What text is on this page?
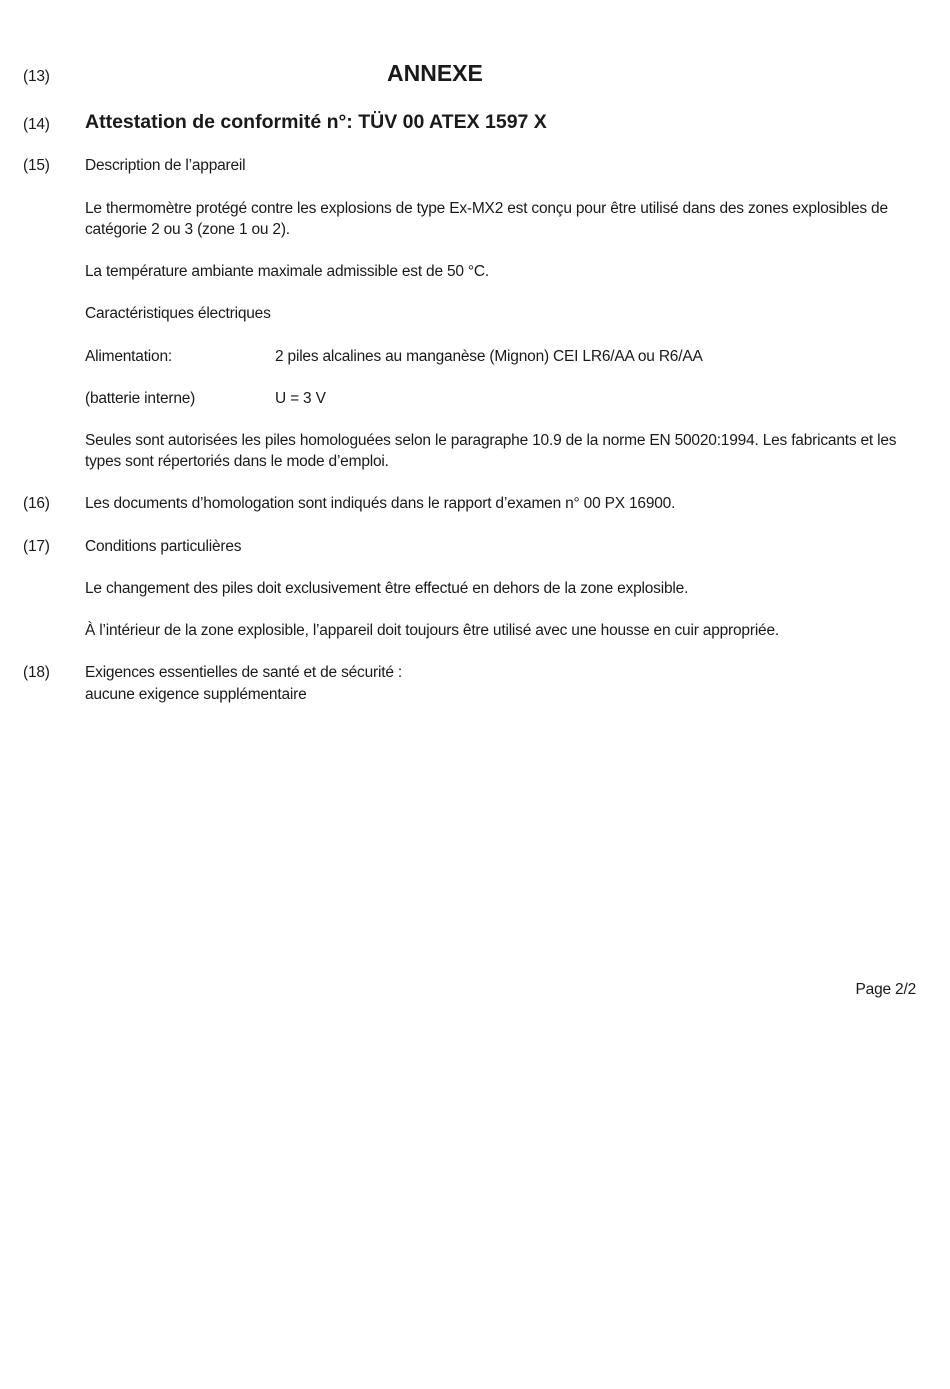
(13)	ANNEXE
(14) Attestation de conformité n°: TÜV 00 ATEX 1597 X
(15) Description de l’appareil
Le thermomètre protégé contre les explosions de type Ex-MX2 est conçu pour être utilisé dans des zones explosibles de catégorie 2 ou 3 (zone 1 ou 2).
La température ambiante maximale admissible est de 50 °C.
Caractéristiques électriques
Alimentation:	2 piles alcalines au manganèse (Mignon) CEI LR6/AA ou R6/AA
(batterie interne)	U = 3 V
Seules sont autorisées les piles homologuées selon le paragraphe 10.9 de la norme EN 50020:1994. Les fabricants et les types sont répertoriés dans le mode d’emploi.
(16) Les documents d’homologation sont indiqués dans le rapport d’examen n° 00 PX 16900.
(17) Conditions particulières
Le changement des piles doit exclusivement être effectué en dehors de la zone explosible.
À l’intérieur de la zone explosible, l’appareil doit toujours être utilisé avec une housse en cuir appropriée.
(18) Exigences essentielles de santé et de sécurité :
aucune exigence supplémentaire
Page 2/2
